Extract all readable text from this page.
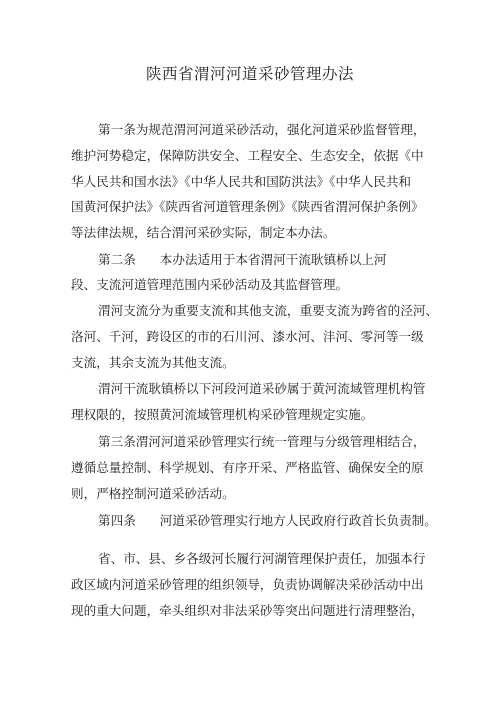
陕西省渭河河道采砂管理办法
第一条为规范渭河河道采砂活动，强化河道采砂监督管理，
维护河势稳定，保障防洪安全、工程安全、生态安全，依据《中
华人民共和国水法》《中华人民共和国防洪法》《中华人民共和
国黄河保护法》《陕西省河道管理条例》《陕西省渭河保护条例》
等法律法规，结合渭河采砂实际，制定本办法。
第二条 本办法适用于本省渭河干流耿镇桥以上河
段、支流河道管理范围内采砂活动及其监督管理。
渭河支流分为重要支流和其他支流，重要支流为跨省的泾河、
洛河、千河，跨设区的市的石川河、漆水河、沣河、零河等一级
支流，其余支流为其他支流。
渭河干流耿镇桥以下河段河道采砂属于黄河流域管理机构管
理权限的，按照黄河流域管理机构采砂管理规定实施。
第三条渭河河道采砂管理实行统一管理与分级管理相结合，
遵循总量控制、科学规划、有序开采、严格监管、确保安全的原
则，严格控制河道采砂活动。
第四条 河道采砂管理实行地方人民政府行政首长负责制。
省、市、县、乡各级河长履行河湖管理保护责任，加强本行
政区域内河道采砂管理的组织领导，负责协调解决采砂活动中出
现的重大问题，牵头组织对非法采砂等突出问题进行清理整治，
